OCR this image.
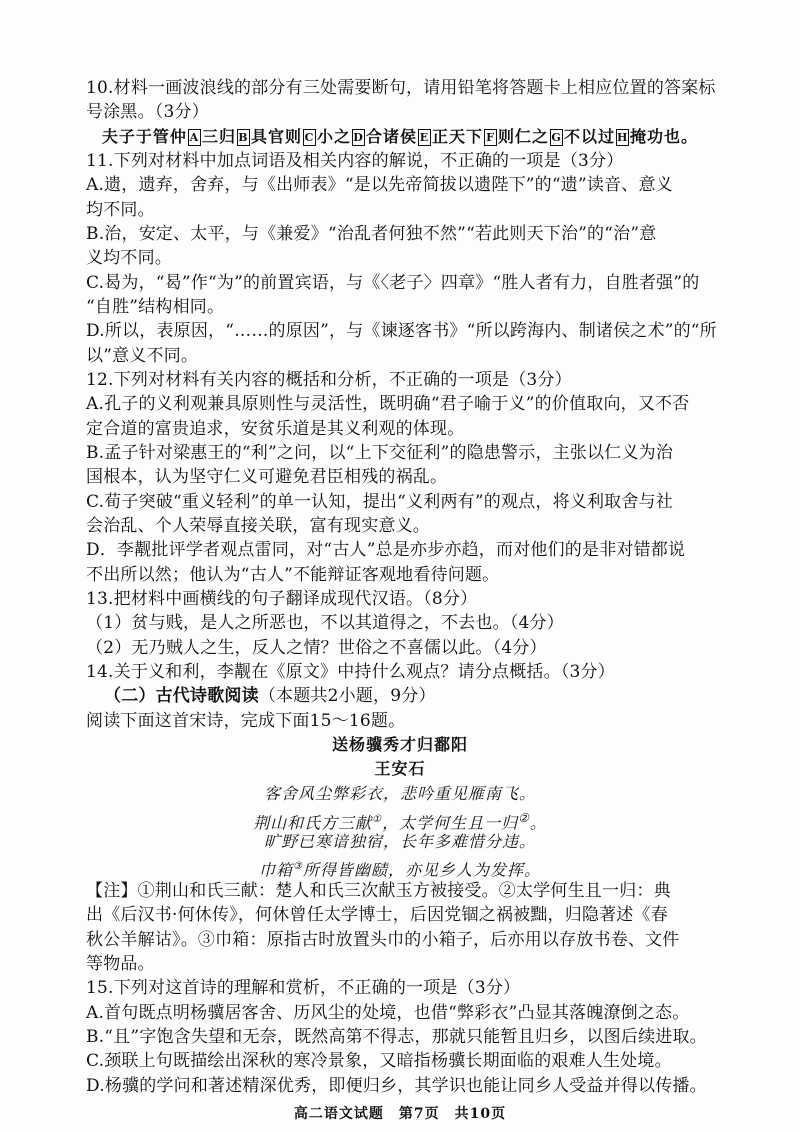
10.材料一画波浪线的部分有三处需要断句，请用铅笔将答题卡上相应位置的答案标
号涂黑。（3分）
夫子于管仲 A 三归 B 具官则 C 小之 D 合诸侯 E 正天下 F 则仁之 G 不以过 H掩功也。
11.下列对材料中加点词语及相关内容的解说，不正确的一项是（3分）
A.遗，遗弃，舍弃，与《出师表》“是以先帝简拔以遗陛下”的“遗”读音、意义
均不同。
B.治，安定、太平，与《兼爱》“治乱者何独不然”“若此则天下治”的“治”意
义均不同。
C.曷为，“曷”作“为”的前置宾语，与《〈老子〉四章》“胜人者有力，自胜者强”的
“自胜”结构相同。
D.所以，表原因，“……的原因”，与《谏逐客书》“所以跨海内、制诸侯之术”的“所
以”意义不同。
12.下列对材料有关内容的概括和分析，不正确的一项是（3分）
A.孔子的义利观兼具原则性与灵活性，既明确“君子喻于义”的价值取向，又不否
定合道的富贵追求，安贫乐道是其义利观的体现。
B.孟子针对梁惠王的“利”之问，以“上下交征利”的隐患警示，主张以仁义为治
国根本，认为坚守仁义可避免君臣相残的祸乱。
C.荀子突破“重义轻利”的单一认知，提出“义利两有”的观点，将义利取舍与社
会治乱、个人荣辱直接关联，富有现实意义。
D．李觏批评学者观点雷同，对“古人”总是亦步亦趋，而对他们的是非对错都说
不出所以然；他认为“古人”不能辩证客观地看待问题。
13.把材料中画横线的句子翻译成现代汉语。（8分）
（1）贫与贱，是人之所恶也，不以其道得之，不去也。（4分）
（2）无乃贼人之生，反人之情？世俗之不喜儒以此。（4分）
14.关于义和利，李觏在《原文》中持什么观点？请分点概括。（3分）
（二）古代诗歌阅读（本题共2小题，9分）
阅读下面这首宋诗，完成下面15～16题。
送杨骥秀才归鄱阳
王安石
客舍风尘弊彩衣，悲吟重见雁南飞。
荆山和氏方三献①，太学何生且一归②。
旷野已寒谙独宿，长年多难惜分违。
巾箱③所得皆幽赜，亦见乡人为发挥。
【注】①荆山和氏三献：楚人和氏三次献玉方被接受。②太学何生且一归：典
出《后汉书·何休传》，何休曾任太学博士，后因党锢之祸被黜，归隐著述《春
秋公羊解诂》。③巾箱：原指古时放置头巾的小箱子，后亦用以存放书卷、文件
等物品。
高二语文试题　第7页　共10页
15.下列对这首诗的理解和赏析，不正确的一项是（3分）
A.首句既点明杨骥居客舍、历风尘的处境，也借“弊彩衣”凸显其落魄潦倒之态。
B.“且”字饱含失望和无奈，既然高第不得志，那就只能暂且归乡，以图后续进取。
C.颈联上句既描绘出深秋的寒冷景象，又暗指杨骥长期面临的艰难人生处境。
D.杨骥的学问和著述精深优秀，即便归乡，其学识也能让同乡人受益并得以传播。
